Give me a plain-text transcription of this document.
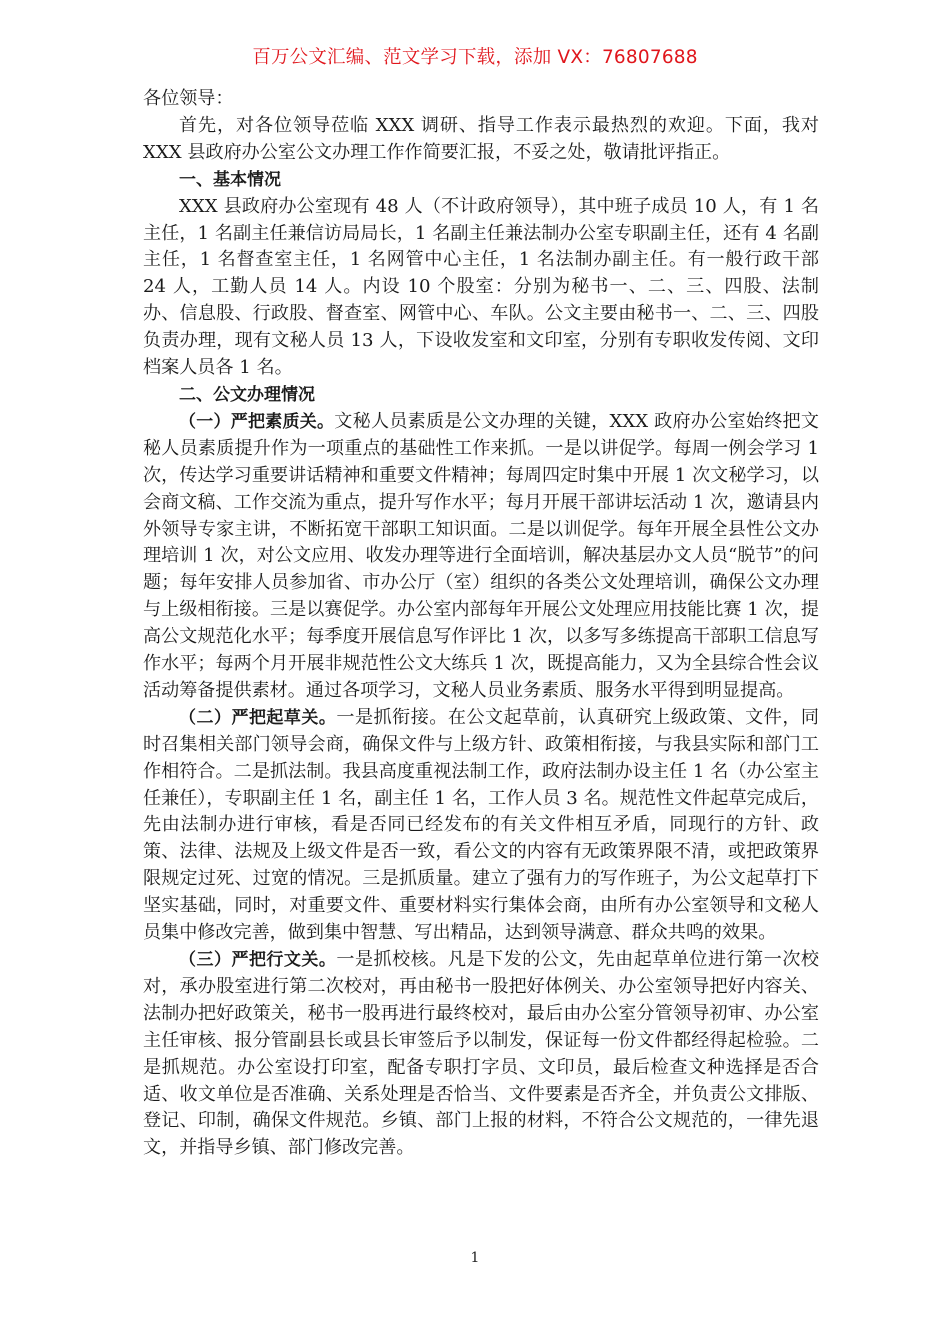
百万公文汇编、范文学习下载，添加 VX：76807688

各位领导：

首先，对各位领导莅临 XXX 调研、指导工作表示最热烈的欢迎。下面，我对 XXX 县政府办公室公文办理工作作简要汇报，不妥之处，敬请批评指正。

一、基本情况

XXX 县政府办公室现有 48 人（不计政府领导），其中班子成员 10 人，有 1 名主任，1 名副主任兼信访局局长，1 名副主任兼法制办公室专职副主任，还有 4 名副主任，1 名督查室主任，1 名网管中心主任，1 名法制办副主任。有一般行政干部 24 人，工勤人员 14 人。内设 10 个股室：分别为秘书一、二、三、四股、法制办、信息股、行政股、督查室、网管中心、车队。公文主要由秘书一、二、三、四股负责办理，现有文秘人员 13 人，下设收发室和文印室，分别有专职收发传阅、文印档案人员各 1 名。

二、公文办理情况

（一）严把素质关。文秘人员素质是公文办理的关键，XXX 政府办公室始终把文秘人员素质提升作为一项重点的基础性工作来抓。一是以讲促学。每周一例会学习 1 次，传达学习重要讲话精神和重要文件精神；每周四定时集中开展 1 次文秘学习，以会商文稿、工作交流为重点，提升写作水平；每月开展干部讲坛活动 1 次，邀请县内外领导专家主讲，不断拓宽干部职工知识面。二是以训促学。每年开展全县性公文办理培训 1 次，对公文应用、收发办理等进行全面培训，解决基层办文人员“脱节”的问题；每年安排人员参加省、市办公厅（室）组织的各类公文处理培训，确保公文办理与上级相衔接。三是以赛促学。办公室内部每年开展公文处理应用技能比赛 1 次，提高公文规范化水平；每季度开展信息写作评比 1 次，以多写多练提高干部职工信息写作水平；每两个月开展非规范性公文大练兵 1 次，既提高能力，又为全县综合性会议活动筹备提供素材。通过各项学习，文秘人员业务素质、服务水平得到明显提高。

（二）严把起草关。一是抓衔接。在公文起草前，认真研究上级政策、文件，同时召集相关部门领导会商，确保文件与上级方针、政策相衔接，与我县实际和部门工作相符合。二是抓法制。我县高度重视法制工作，政府法制办设主任 1 名（办公室主任兼任），专职副主任 1 名，副主任 1 名，工作人员 3 名。规范性文件起草完成后，先由法制办进行审核，看是否同已经发布的有关文件相互矛盾，同现行的方针、政策、法律、法规及上级文件是否一致，看公文的内容有无政策界限不清，或把政策界限规定过死、过宽的情况。三是抓质量。建立了强有力的写作班子，为公文起草打下坚实基础，同时，对重要文件、重要材料实行集体会商，由所有办公室领导和文秘人员集中修改完善，做到集中智慧、写出精品，达到领导满意、群众共鸣的效果。

（三）严把行文关。一是抓校核。凡是下发的公文，先由起草单位进行第一次校对，承办股室进行第二次校对，再由秘书一股把好体例关、办公室领导把好内容关、法制办把好政策关，秘书一股再进行最终校对，最后由办公室分管领导初审、办公室主任审核、报分管副县长或县长审签后予以制发，保证每一份文件都经得起检验。二是抓规范。办公室设打印室，配备专职打字员、文印员，最后检查文种选择是否合适、收文单位是否准确、关系处理是否恰当、文件要素是否齐全，并负责公文排版、登记、印制，确保文件规范。乡镇、部门上报的材料，不符合公文规范的，一律先退文，并指导乡镇、部门修改完善。

1
